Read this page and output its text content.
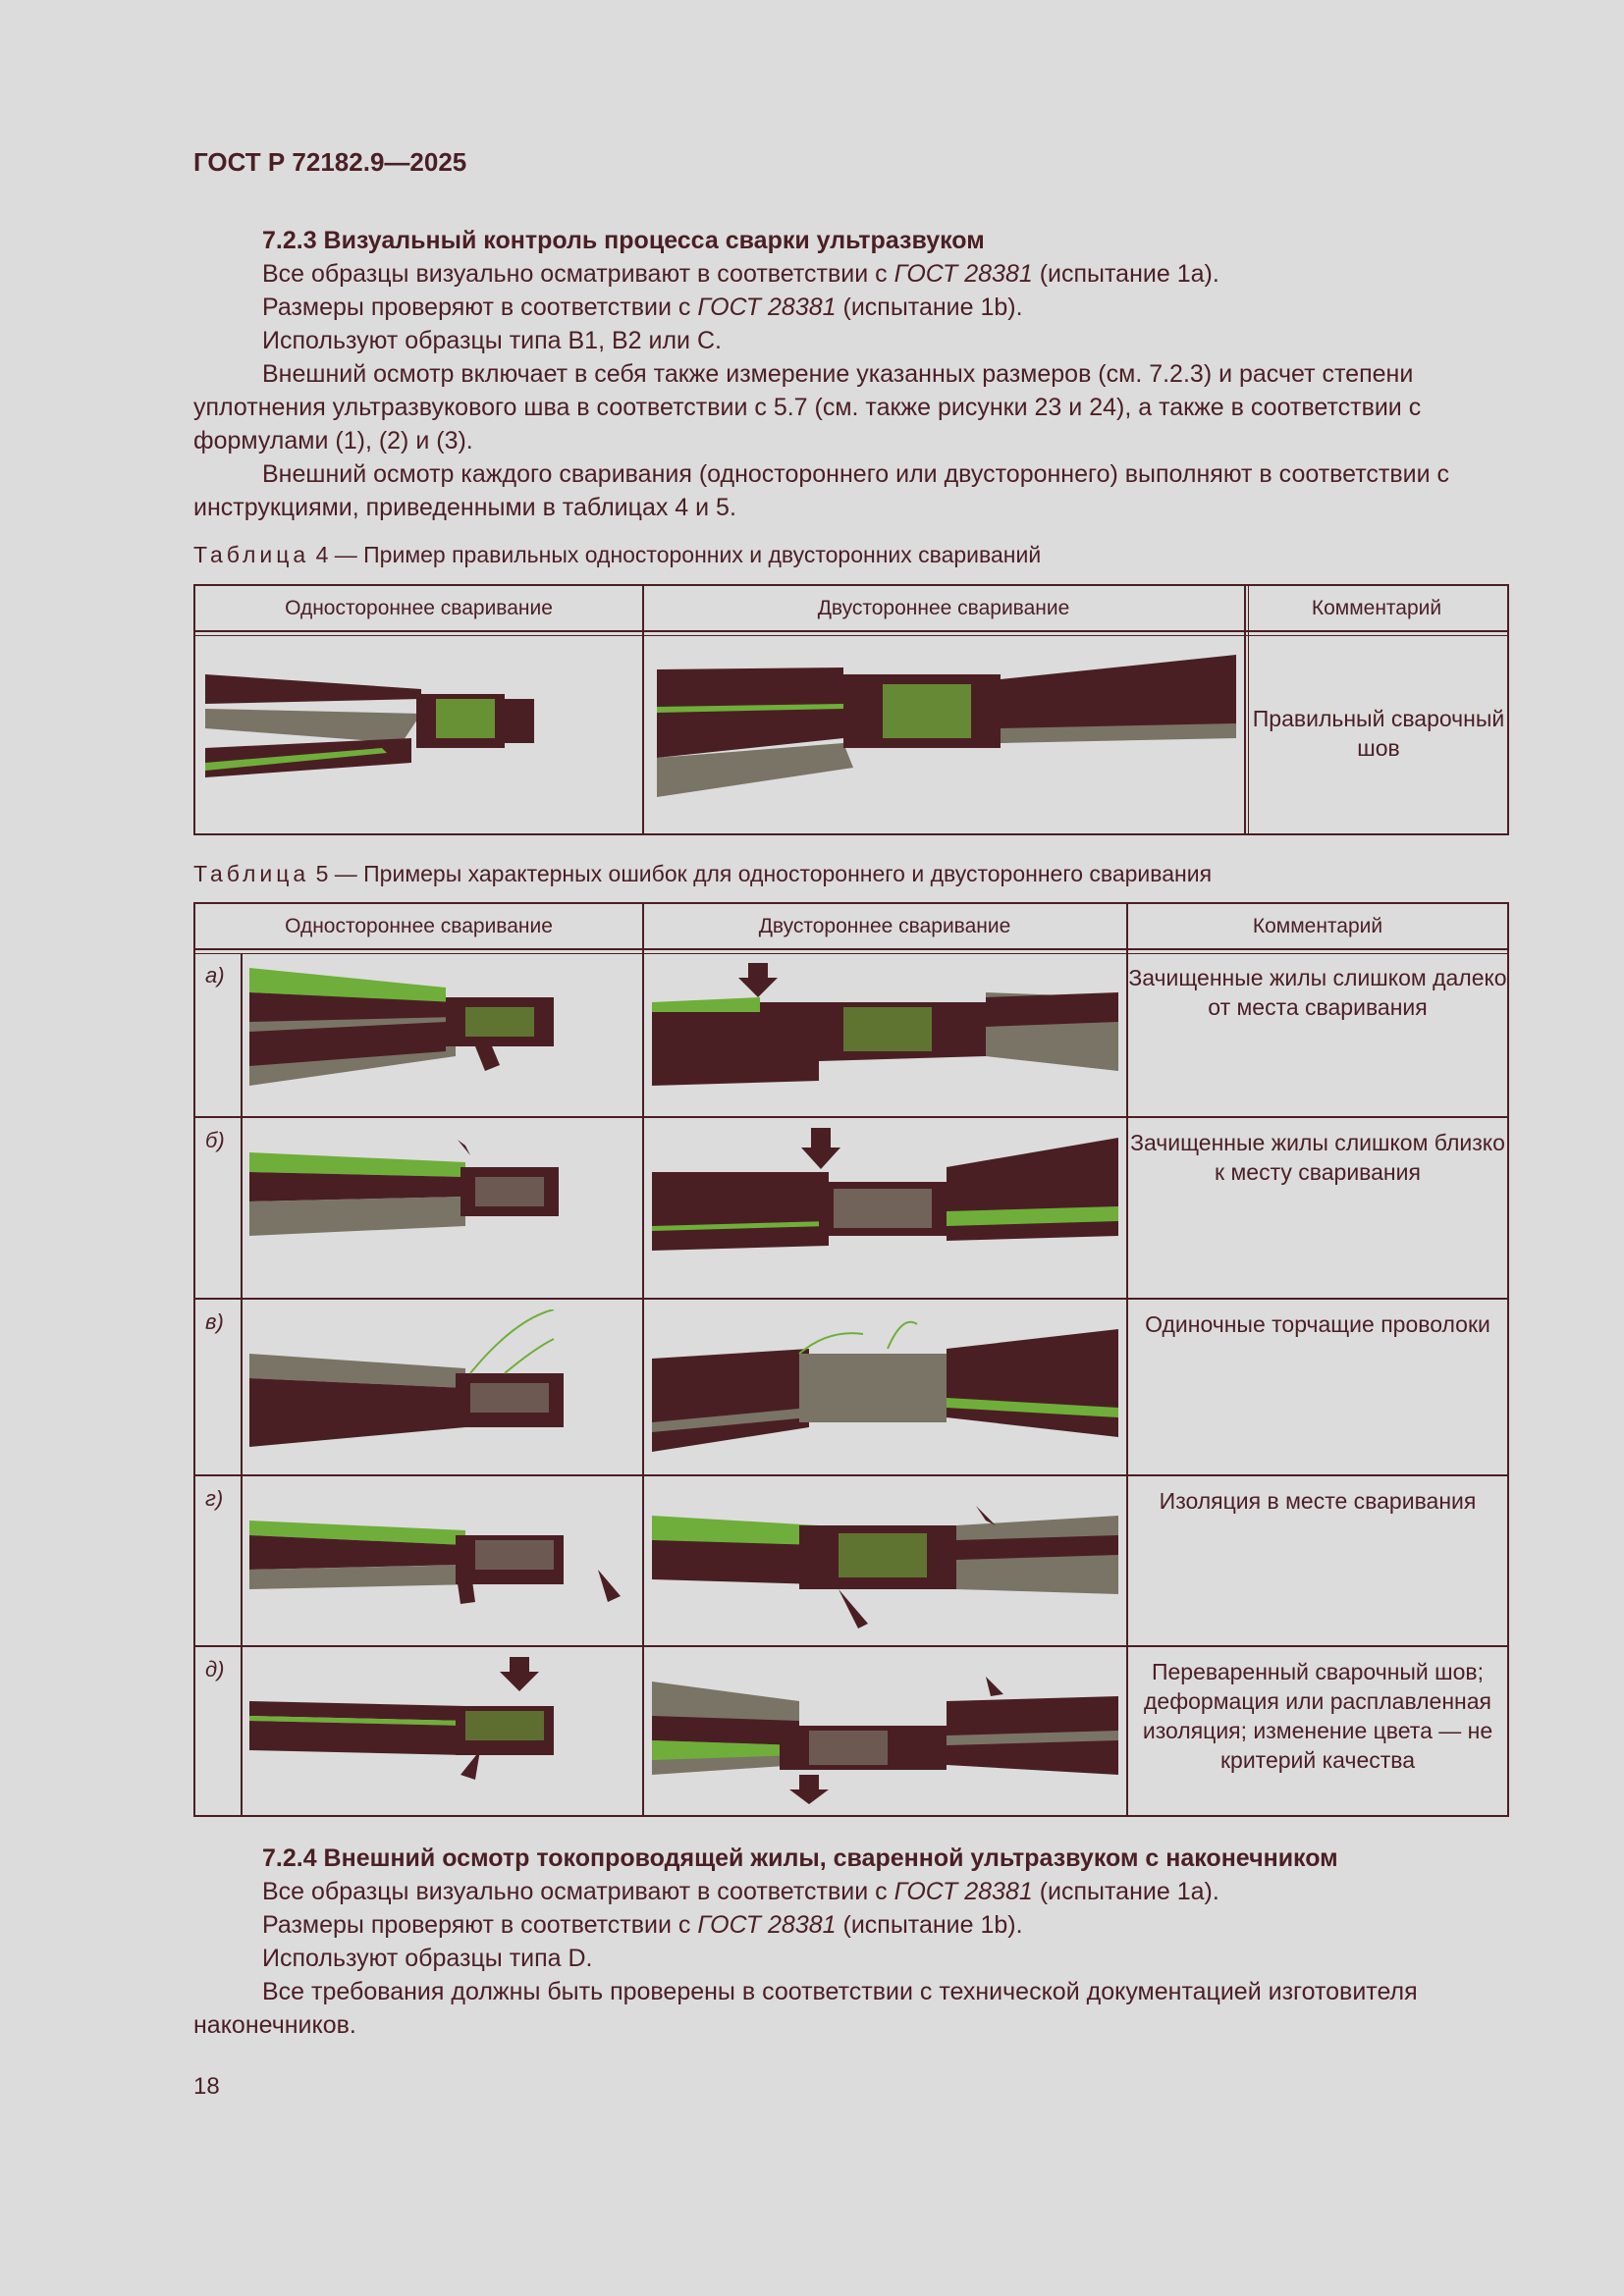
ГОСТ Р 72182.9—2025

7.2.3 Визуальный контроль процесса сварки ультразвуком

Все образцы визуально осматривают в соответствии с ГОСТ 28381 (испытание 1а).

Размеры проверяют в соответствии с ГОСТ 28381 (испытание 1b).

Используют образцы типа B1, B2 или C.

Внешний осмотр включает в себя также измерение указанных размеров (см. 7.2.3) и расчет степени уплотнения ультразвукового шва в соответствии с 5.7 (см. также рисунки 23 и 24), а также в соответствии с формулами (1), (2) и (3).

Внешний осмотр каждого сваривания (одностороннего или двустороннего) выполняют в соответствии с инструкциями, приведенными в таблицах 4 и 5.

Таблица 4 — Пример правильных односторонних и двусторонних свариваний
Одностороннее сваривание	Двустороннее сваривание	Комментарий
Правильный сварочный шов
Таблица 5 — Примеры характерных ошибок для одностороннего и двустороннего сваривания
Одностороннее сваривание	Двустороннее сваривание	Комментарий
а)	Зачищенные жилы слишком далеко от места сваривания
б)	Зачищенные жилы слишком близко к месту сваривания
в)	Одиночные торчащие проволоки
г)	Изоляция в месте сваривания
д)	Переваренный сварочный шов; деформация или расплавленная изоляция; изменение цвета — не критерий качества

7.2.4 Внешний осмотр токопроводящей жилы, сваренной ультразвуком с наконечником

Все образцы визуально осматривают в соответствии с ГОСТ 28381 (испытание 1а).

Размеры проверяют в соответствии с ГОСТ 28381 (испытание 1b).

Используют образцы типа D.

Все требования должны быть проверены в соответствии с технической документацией изготовителя наконечников.

18
